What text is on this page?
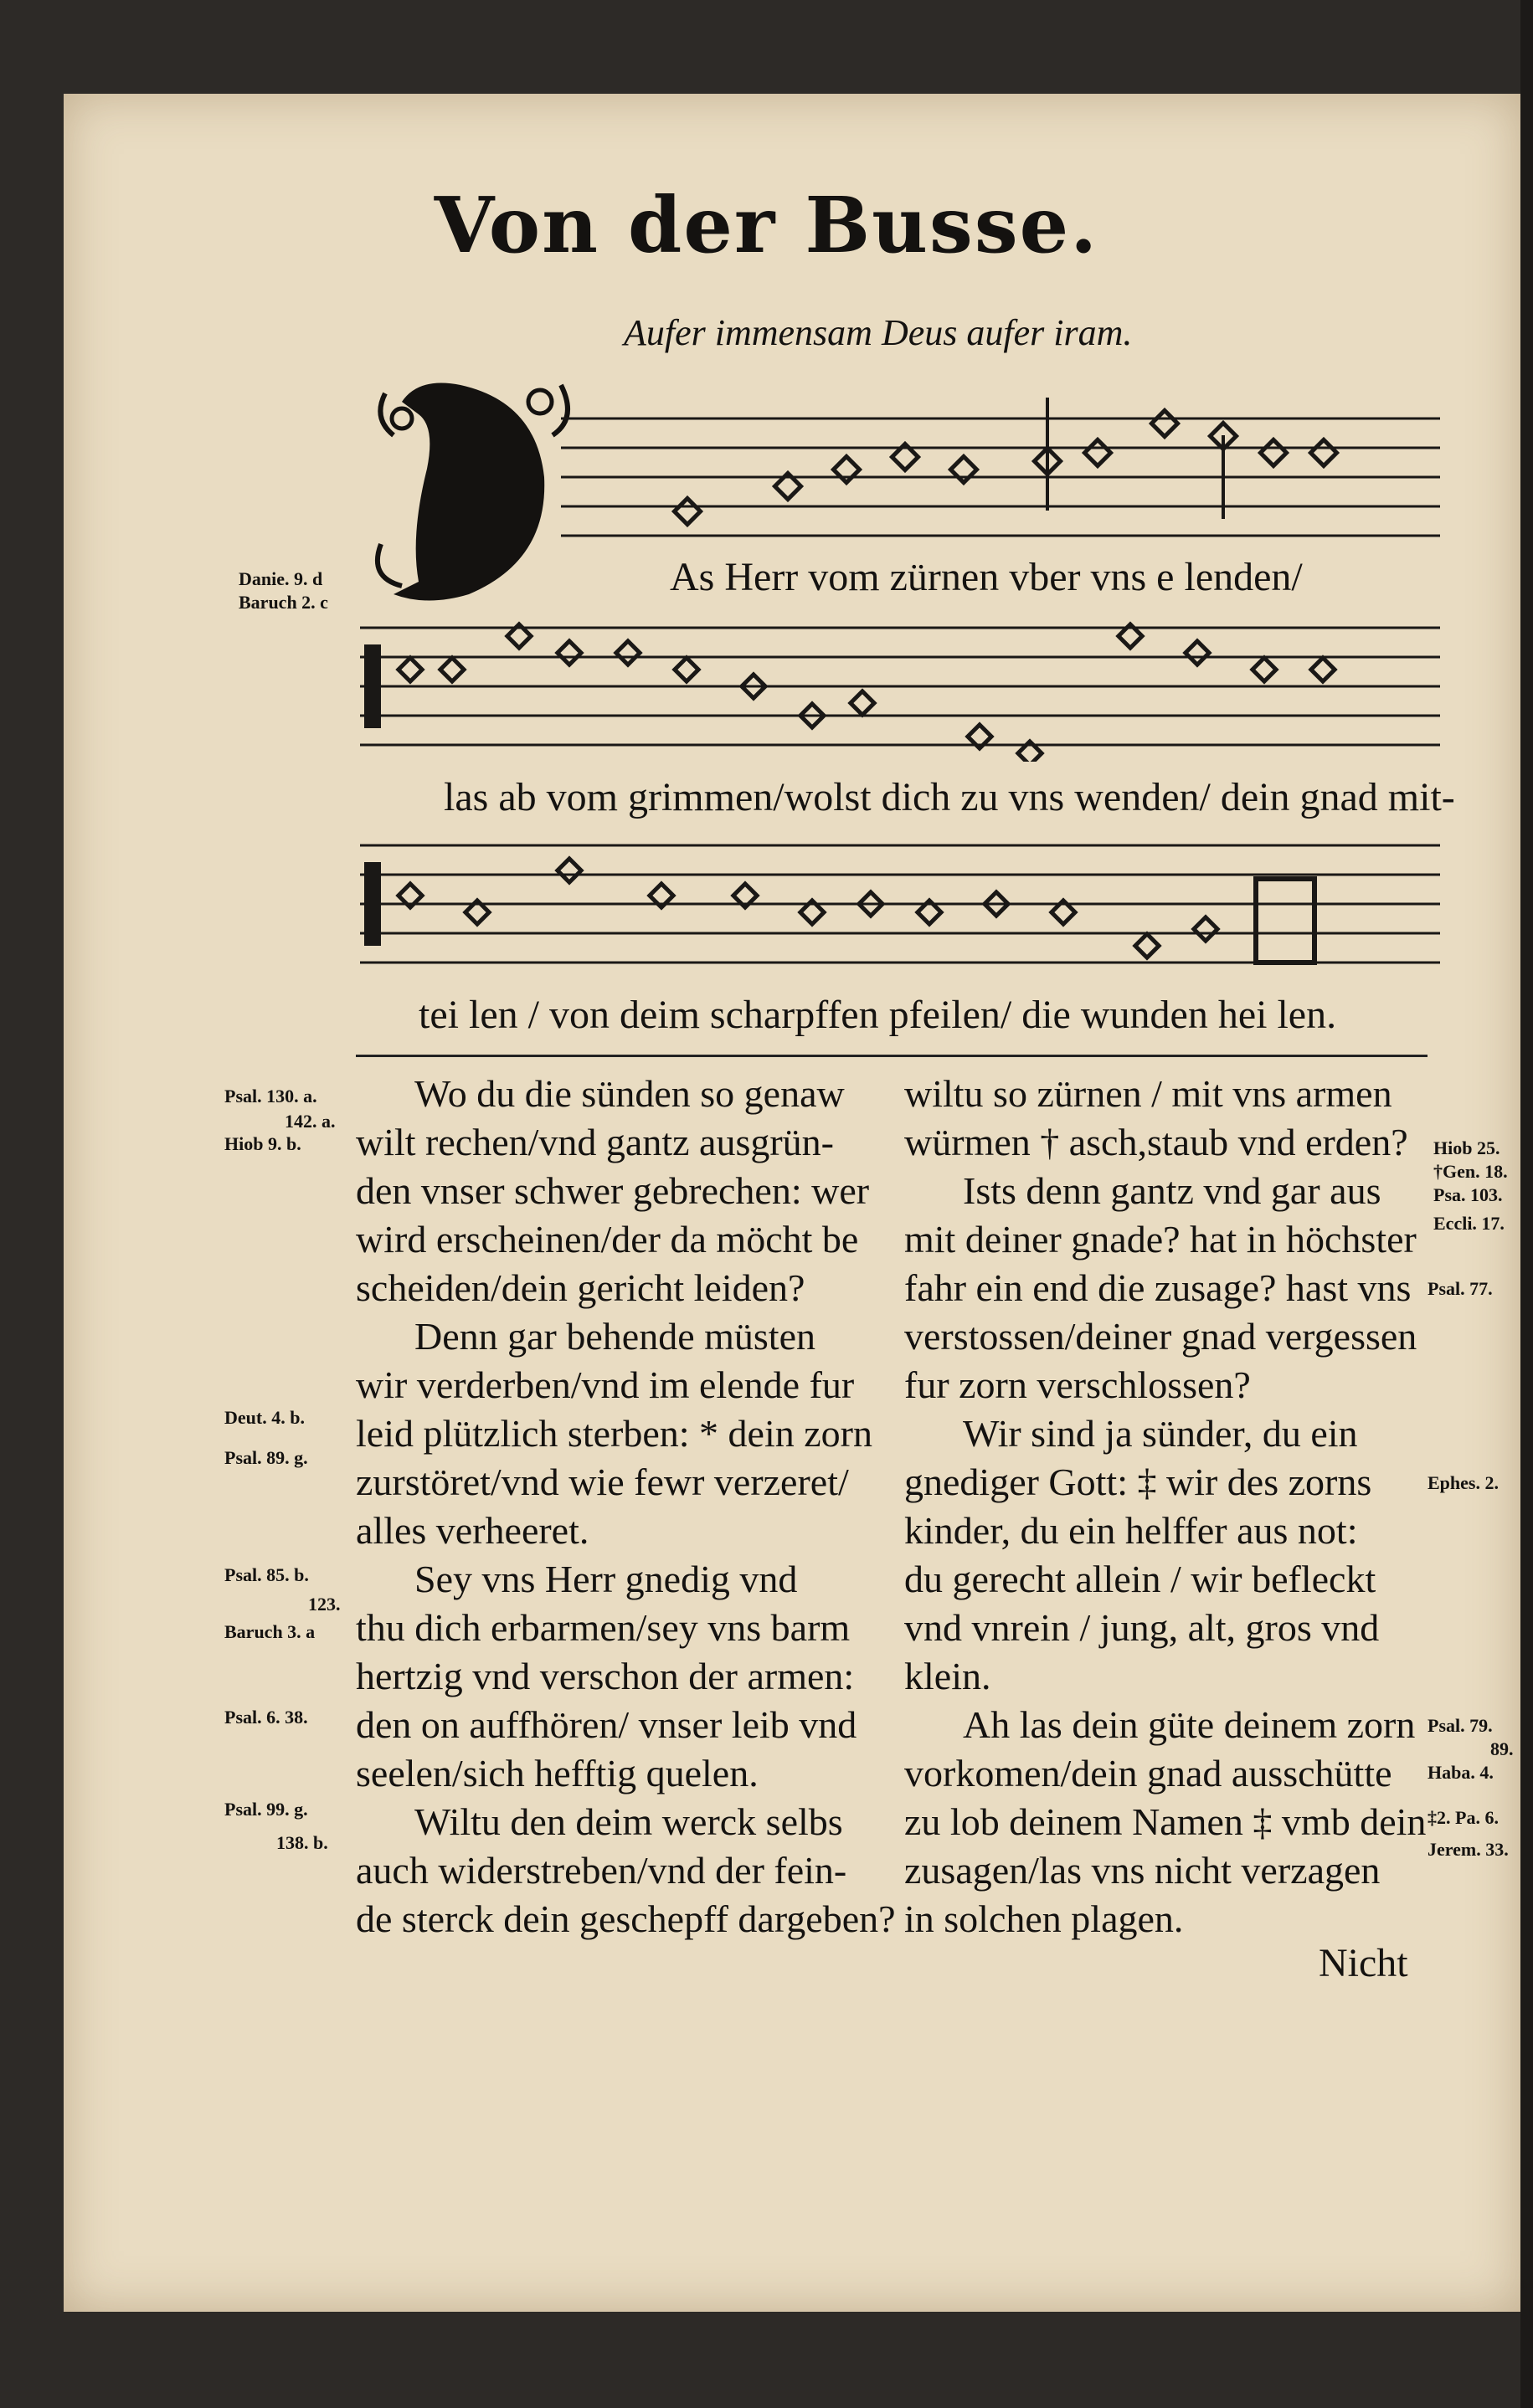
Von der Busse.
Aufer immensam Deus aufer iram.
As Herr vom zürnen vber vns e lenden/
las ab vom grimmen/wolst dich zu vns wenden/ dein gnad mit-
tei len / von deim scharpffen pfeilen/ die wunden hei len.

Wo du die sünden so genaw

wilt rechen/vnd gantz ausgrün-

den vnser schwer gebrechen: wer

wird erscheinen/der da möcht be

scheiden/dein gericht leiden?

Denn gar behende müsten

wir verderben/vnd im elende fur

leid plützlich sterben: * dein zorn

zurstöret/vnd wie fewr verzeret/

alles verheeret.

Sey vns Herr gnedig vnd

thu dich erbarmen/sey vns barm

hertzig vnd verschon der armen:

den on auffhören/ vnser leib vnd

seelen/sich hefftig quelen.

Wiltu den deim werck selbs

auch widerstreben/vnd der fein-

de sterck dein geschepff dargeben?

wiltu so zürnen / mit vns armen

würmen † asch,staub vnd erden?

Ists denn gantz vnd gar aus

mit deiner gnade? hat in höchster

fahr ein end die zusage? hast vns

verstossen/deiner gnad vergessen

fur zorn verschlossen?

Wir sind ja sünder, du ein

gnediger Gott: ‡ wir des zorns

kinder, du ein helffer aus not:

du gerecht allein / wir befleckt

vnd vnrein / jung, alt, gros vnd

klein.

Ah las dein güte deinem zorn

vorkomen/dein gnad ausschütte

zu lob deinem Namen ‡ vmb dein

zusagen/las vns nicht verzagen

in solchen plagen.

Danie. 9. d
Baruch 2. c
Psal. 130. a.
142. a.
Hiob 9. b.
Deut. 4. b.
Psal. 89. g.
Psal. 85. b.
123.
Baruch 3. a
Psal. 6. 38.
Psal. 99. g.
138. b.
Hiob 25.
†Gen. 18.
Psa. 103.
Eccli. 17.
Psal. 77.
Ephes. 2.
Psal. 79.
89.
Haba. 4.
‡2. Pa. 6.
Jerem. 33.
Nicht
